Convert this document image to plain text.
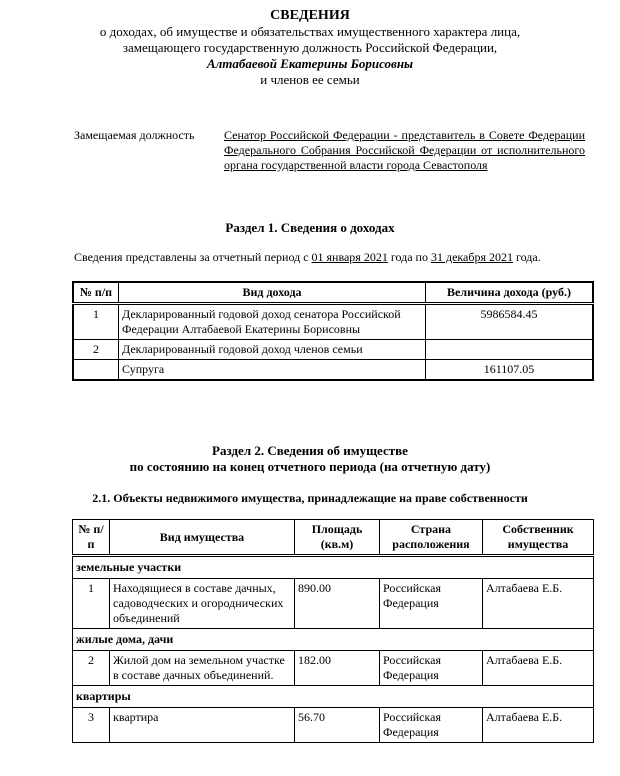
СВЕДЕНИЯ
о доходах, об имуществе и обязательствах имущественного характера лица,
замещающего государственную должность Российской Федерации,
Алтабаевой Екатерины Борисовны
и членов ее семьи
Замещаемая должность Сенатор Российской Федерации - представитель в Совете Федерации Федерального Собрания Российской Федерации от исполнительного органа государственной власти города Севастополя
Раздел 1. Сведения о доходах
Сведения представлены за отчетный период с 01 января 2021 года по 31 декабря 2021 года.
№ п/п	Вид дохода	Величина дохода (руб.)
1	Декларированный годовой доход сенатора Российской Федерации Алтабаевой Екатерины Борисовны	5986584.45
2	Декларированный годовой доход членов семьи	
	Супруга	161107.05
Раздел 2. Сведения об имуществе
по состоянию на конец отчетного периода (на отчетную дату)
2.1. Объекты недвижимого имущества, принадлежащие на праве собственности
№ п/п	Вид имущества	Площадь (кв.м)	Страна расположения	Собственник имущества
земельные участки				
1	Находящиеся в составе дачных, садоводческих и огороднических объединений	890.00	Российская Федерация	Алтабаева Е.Б.
жилые дома, дачи				
2	Жилой дом на земельном участке в составе дачных объединений.	182.00	Российская Федерация	Алтабаева Е.Б.
квартиры				
3	квартира	56.70	Российская Федерация	Алтабаева Е.Б.
